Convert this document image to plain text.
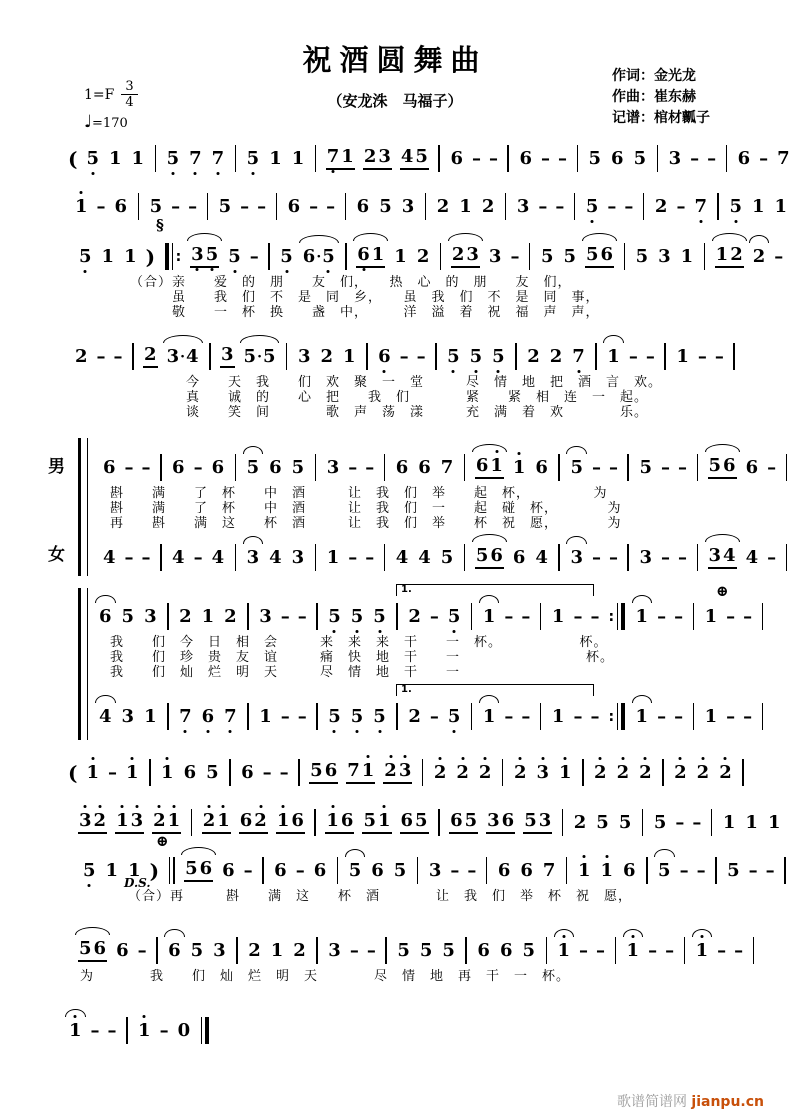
祝酒圆舞曲
（安龙洙　马福子）
作词：金光龙
作曲：崔东赫
记谱：棺材瓤子
$1=F \frac{3}{4}$
♩=170
( 5 1 1 5 7 7 5 1 1 7 1 2 3 4 5 6 – – 6 – – 5 6 5 3 – – 6 – 7
1 – 6 5 – – 5 – – 6 – – 6 5 3 2 1 2 3 – – 5 – – 2 – 7 5 1 1
5 1 1 ) : 3 5 5 – 5 6·5 6 1 1 2 2 3 3 – 5 5 5 6 5 3 1 1 2 2 –
（合）亲　　爱　的　朋　　友　们，　　热　心　的　朋　　友　们，
　　　虽　　我　们　不　是　同　乡，　　虽　我　们　不　是　同　事，
　　　敬　　一　杯　换　　盏　中，　　　洋　溢　着　祝　福　声　声，
2 – – 2 3·4 3 5·5 3 2 1 6 – – 5 5 5 2 2 7 1 – – 1 – –
今　　天　我　　们　欢　聚　一　堂　　　尽　情　地　把　酒　言　欢。
真　　诚　的　　心　把　　我　们　　　　紧　　紧　相　连　一　起。
谈　　笑　间　　　　歌　声　荡　漾　　　充　满　着　欢　　　　乐。
6 – – 6 – 6 5 6 5 3 – – 6 6 7 6 1 1 6 5 – – 5 – – 5 6 6 –
斟　　满　　了　杯　　中　酒　　　让　我　们　举　　起　杯，　　　　　为
斟　　满　　了　杯　　中　酒　　　让　我　们　一　　起　碰　杯，　　　　为
再　　斟　　满　这　　杯　酒　　　让　我　们　举　　杯　祝　愿，　　　　为
4 – – 4 – 4 3 4 3 1 – – 4 4 5 5 6 6 4 3 – – 3 – – 3 4 4 –
6 5 3 2 1 2 3 – – 5 5 5 2 – 5 1 – – 1 – – : 1 – – 1 – –
我　　们　今　日　相　会　　　来　来　来　干　　一　杯。　　　　　　杯。
我　　们　珍　贵　友　谊　　　痛　快　地　干　　一　　　　　　　　　杯。
我　　们　灿　烂　明　天　　　尽　情　地　干　　一
4 3 1 7 6 7 1 – – 5 5 5 2 – 5 1 – – 1 – – : 1 – – 1 – –
( 1 – 1 1 6 5 6 – – 5 6 7 1 2 3 2 2 2 2 3 1 2 2 2 2 2 2
3 2 1 3 2 1 2 1 6 2 1 6 1 6 5 1 6 5 6 5 3 6 5 3 2 5 5 5 – – 1 1 1
5 1 1 ) 5 6 6 – 6 – 6 5 6 5 3 – – 6 6 7 1 1 6 5 – – 5 – –
（合）再　　　斟　　满　这　　杯　酒　　　　让　我　们　举　杯　祝　愿，
5 6 6 – 6 5 3 2 1 2 3 – – 5 5 5 6 6 5 1 – – 1 – – 1 – –
为　　　　我　　们　灿　烂　明　天　　　　尽　情　地　再　干　一　杯。
1 – – 1 – 0
§
⊕
⊕
D.S.
1.
1.
男
女
歌谱简谱网 jianpu.cn
